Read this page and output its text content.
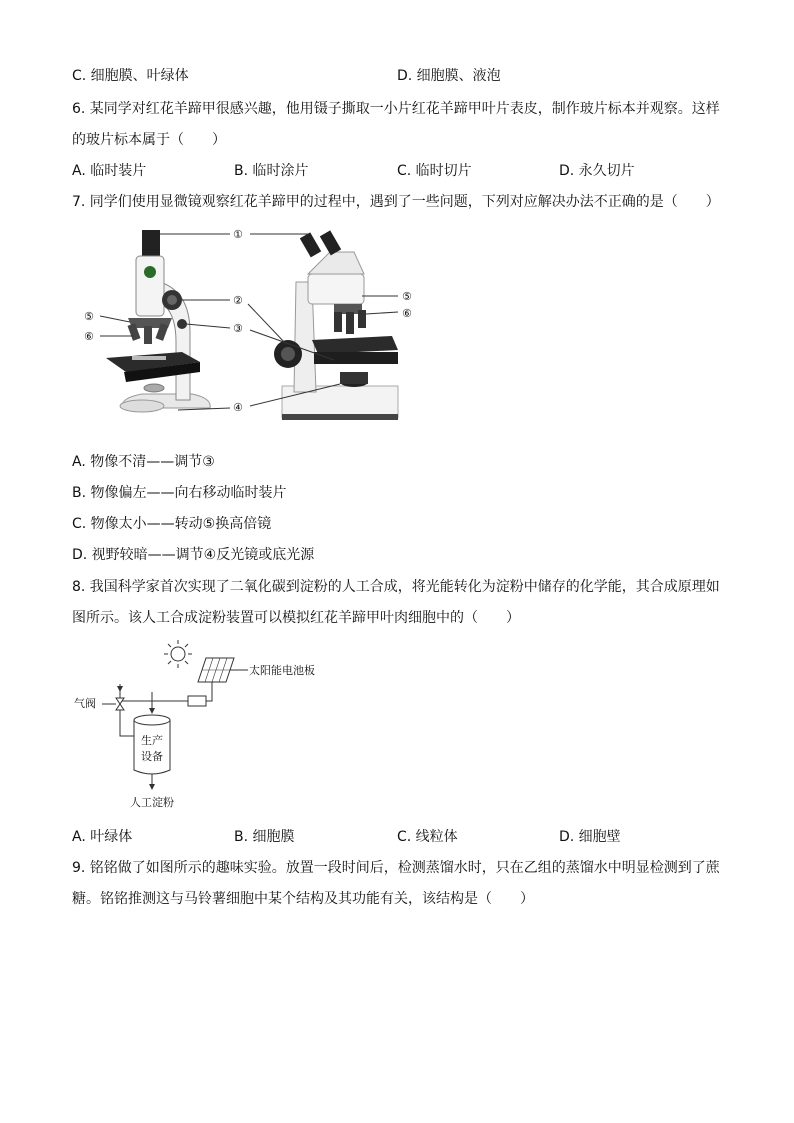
C. 细胞膜、叶绿体	D. 细胞膜、液泡
6. 某同学对红花羊蹄甲很感兴趣，他用镊子撕取一小片红花羊蹄甲叶片表皮，制作玻片标本并观察。这样
的玻片标本属于（　　）
A. 临时装片	B. 临时涂片	C. 临时切片	D. 永久切片
7. 同学们使用显微镜观察红花羊蹄甲的过程中，遇到了一些问题，下列对应解决办法不正确的是（　　）
①
②
③
④
⑤
⑥
⑤
⑥
A. 物像不清——调节③
B. 物像偏左——向右移动临时装片
C. 物像太小——转动⑤换高倍镜
D. 视野较暗——调节④反光镜或底光源
8. 我国科学家首次实现了二氧化碳到淀粉的人工合成，将光能转化为淀粉中储存的化学能，其合成原理如
图所示。该人工合成淀粉装置可以模拟红花羊蹄甲叶肉细胞中的（　　）
太阳能电池板
气阀
生产
设备
人工淀粉
A. 叶绿体	B. 细胞膜	C. 线粒体	D. 细胞壁
9. 铭铭做了如图所示的趣味实验。放置一段时间后，检测蒸馏水时，只在乙组的蒸馏水中明显检测到了蔗
糖。铭铭推测这与马铃薯细胞中某个结构及其功能有关，该结构是（　　）
